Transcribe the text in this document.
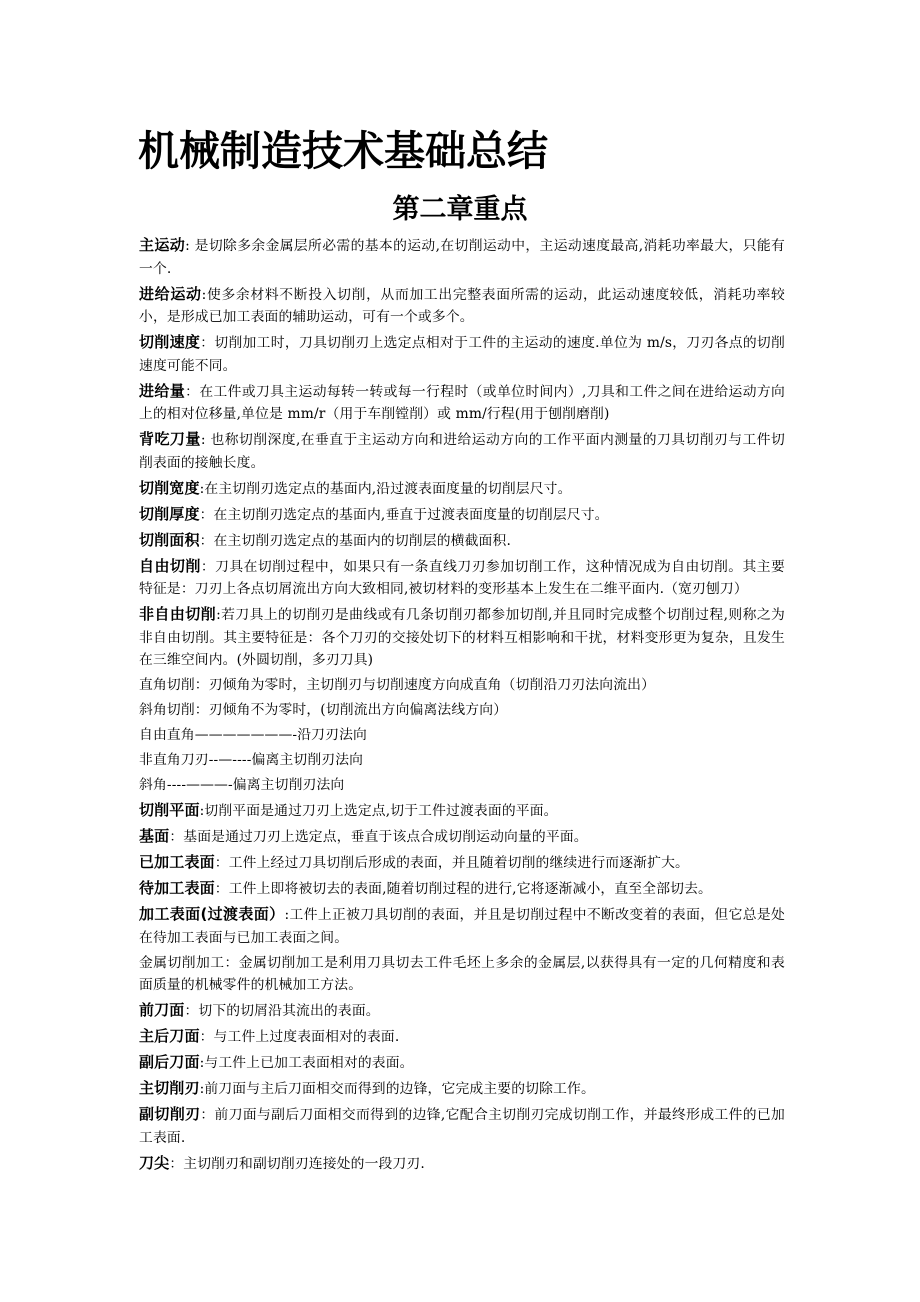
机械制造技术基础总结
第二章重点

主运动: 是切除多余金属层所必需的基本的运动,在切削运动中，主运动速度最高,消耗功率最大，只能有一个.

进给运动:使多余材料不断投入切削，从而加工出完整表面所需的运动，此运动速度较低，消耗功率较小，是形成已加工表面的辅助运动，可有一个或多个。

切削速度：切削加工时，刀具切削刃上选定点相对于工件的主运动的速度.单位为 m/s，刀刃各点的切削速度可能不同。

进给量：在工件或刀具主运动每转一转或每一行程时（或单位时间内）,刀具和工件之间在进给运动方向上的相对位移量,单位是 mm/r（用于车削镗削）或 mm/行程(用于刨削磨削)

背吃刀量: 也称切削深度,在垂直于主运动方向和进给运动方向的工作平面内测量的刀具切削刃与工件切削表面的接触长度。

切削宽度:在主切削刃选定点的基面内,沿过渡表面度量的切削层尺寸。

切削厚度：在主切削刃选定点的基面内,垂直于过渡表面度量的切削层尺寸。

切削面积：在主切削刃选定点的基面内的切削层的横截面积.

自由切削：刀具在切削过程中，如果只有一条直线刀刃参加切削工作，这种情况成为自由切削。其主要特征是：刀刃上各点切屑流出方向大致相同,被切材料的变形基本上发生在二维平面内.（宽刃刨刀）

非自由切削:若刀具上的切削刃是曲线或有几条切削刃都参加切削,并且同时完成整个切削过程,则称之为非自由切削。其主要特征是：各个刀刃的交接处切下的材料互相影响和干扰，材料变形更为复杂，且发生在三维空间内。(外圆切削，多刃刀具)

直角切削：刃倾角为零时，主切削刃与切削速度方向成直角（切削沿刀刃法向流出）

斜角切削：刃倾角不为零时，(切削流出方向偏离法线方向）

自由直角———————-沿刀刃法向

非直角刀刃--—----偏离主切削刃法向

斜角----———-偏离主切削刃法向

切削平面:切削平面是通过刀刃上选定点,切于工件过渡表面的平面。

基面：基面是通过刀刃上选定点，垂直于该点合成切削运动向量的平面。

已加工表面：工件上经过刀具切削后形成的表面，并且随着切削的继续进行而逐渐扩大。

待加工表面：工件上即将被切去的表面,随着切削过程的进行,它将逐渐减小，直至全部切去。

加工表面(过渡表面）:工件上正被刀具切削的表面，并且是切削过程中不断改变着的表面，但它总是处在待加工表面与已加工表面之间。

金属切削加工：金属切削加工是利用刀具切去工件毛坯上多余的金属层,以获得具有一定的几何精度和表面质量的机械零件的机械加工方法。

前刀面：切下的切屑沿其流出的表面。

主后刀面：与工件上过度表面相对的表面.

副后刀面:与工件上已加工表面相对的表面。

主切削刃:前刀面与主后刀面相交而得到的边锋，它完成主要的切除工作。

副切削刃：前刀面与副后刀面相交而得到的边锋,它配合主切削刃完成切削工作，并最终形成工件的已加工表面.

刀尖：主切削刃和副切削刃连接处的一段刀刃.
